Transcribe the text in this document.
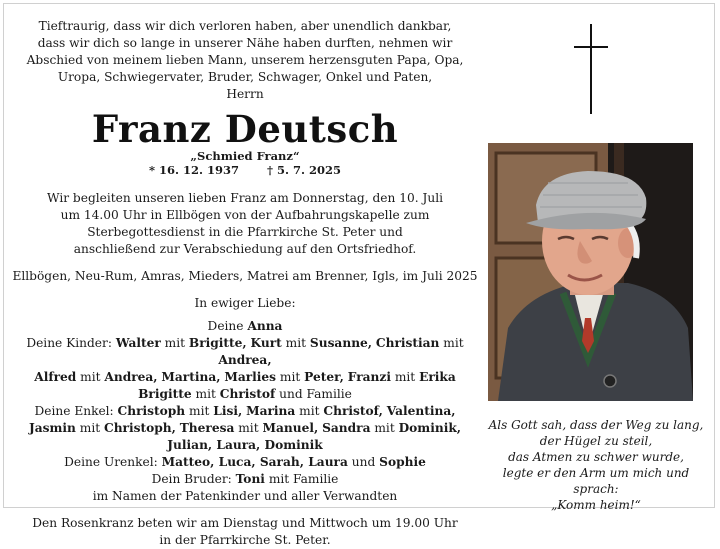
Tieftraurig, dass wir dich verloren haben, aber unendlich dankbar,

dass wir dich so lange in unserer Nähe haben durften, nehmen wir

Abschied von meinem lieben Mann, unserem herzensguten Papa, Opa,

Uropa, Schwiegervater, Bruder, Schwager, Onkel und Paten,

Herrn

Franz Deutsch

„Schmied Franz“

* 16. 12. 1937 † 5. 7. 2025

Wir begleiten unseren lieben Franz am Donnerstag, den 10. Juli

um 14.00 Uhr in Ellbögen von der Aufbahrungskapelle zum

Sterbegottesdienst in die Pfarrkirche St. Peter und

anschließend zur Verabschiedung auf den Ortsfriedhof.

Ellbögen, Neu-Rum, Amras, Mieders, Matrei am Brenner, Igls, im Juli 2025

In ewiger Liebe:

Deine Anna

Deine Kinder: Walter mit Brigitte, Kurt mit Susanne, Christian mit Andrea,

Alfred mit Andrea, Martina, Marlies mit Peter, Franzi mit Erika

Brigitte mit Christof und Familie

Deine Enkel: Christoph mit Lisi, Marina mit Christof, Valentina,

Jasmin mit Christoph, Theresa mit Manuel, Sandra mit Dominik,

Julian, Laura, Dominik

Deine Urenkel: Matteo, Luca, Sarah, Laura und Sophie

Dein Bruder: Toni mit Familie

im Namen der Patenkinder und aller Verwandten

Den Rosenkranz beten wir am Dienstag und Mittwoch um 19.00 Uhr

in der Pfarrkirche St. Peter.

Als Gott sah, dass der Weg zu lang,

der Hügel zu steil,

das Atmen zu schwer wurde,

legte er den Arm um mich und sprach:

„Komm heim!“
